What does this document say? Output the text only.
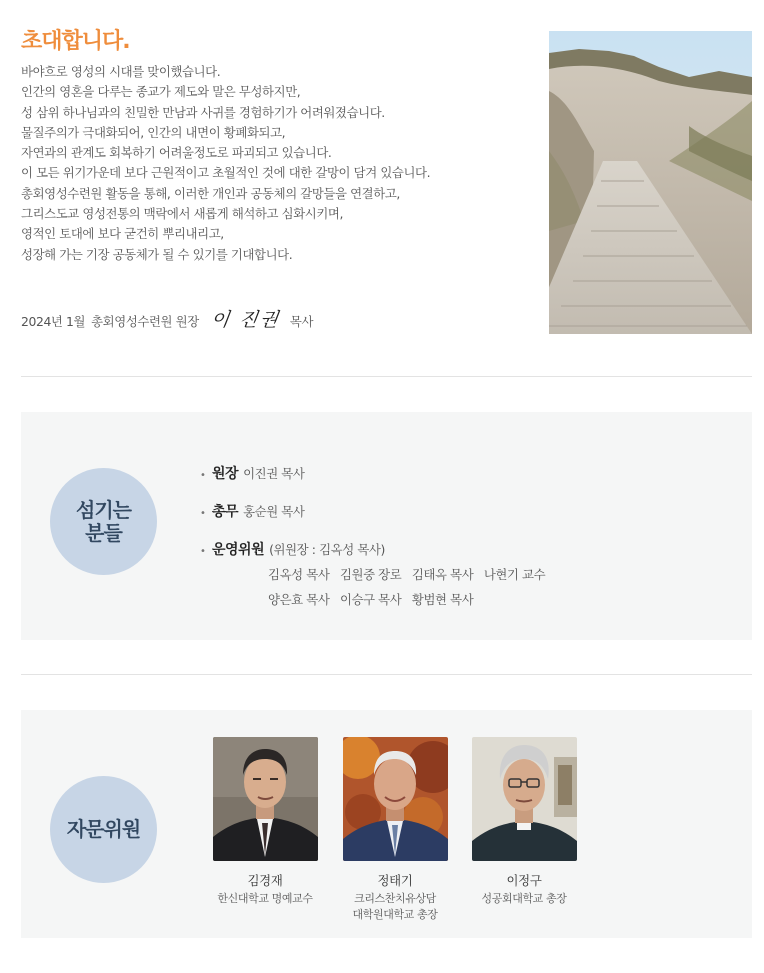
초대합니다.
바야흐로 영성의 시대를 맞이했습니다.
인간의 영혼을 다루는 종교가 제도와 말은 무성하지만,
성 삼위 하나님과의 친밀한 만남과 사귀를 경험하기가 어려워졌습니다.
물질주의가 극대화되어, 인간의 내면이 황폐화되고,
자연과의 관계도 회복하기 어려울정도로 파괴되고 있습니다.
이 모든 위기가운데 보다 근원적이고 초월적인 것에 대한 갈망이 담겨 있습니다.
총회영성수련원 활동을 통해, 이러한 개인과 공동체의 갈망들을 연결하고,
그리스도교 영성전통의 맥락에서 새롭게 해석하고 심화시키며,
영적인 토대에 보다 굳건히 뿌리내리고,
성장해 가는 기장 공동체가 될 수 있기를 기대합니다.
2024년 1월 총회영성수련원 원장 이 진권 목사
섬기는
분들
• 원장 이진권 목사
• 총무 홍순원 목사
• 운영위원 (위원장 : 김옥성 목사)
김옥성 목사 김원중 장로 김태옥 목사 나현기 교수
양은효 목사 이승구 목사 황범현 목사
자문위원
김경재
한신대학교 명예교수
정태기
크리스찬치유상담
대학원대학교 총장
이정구
성공회대학교 총장
